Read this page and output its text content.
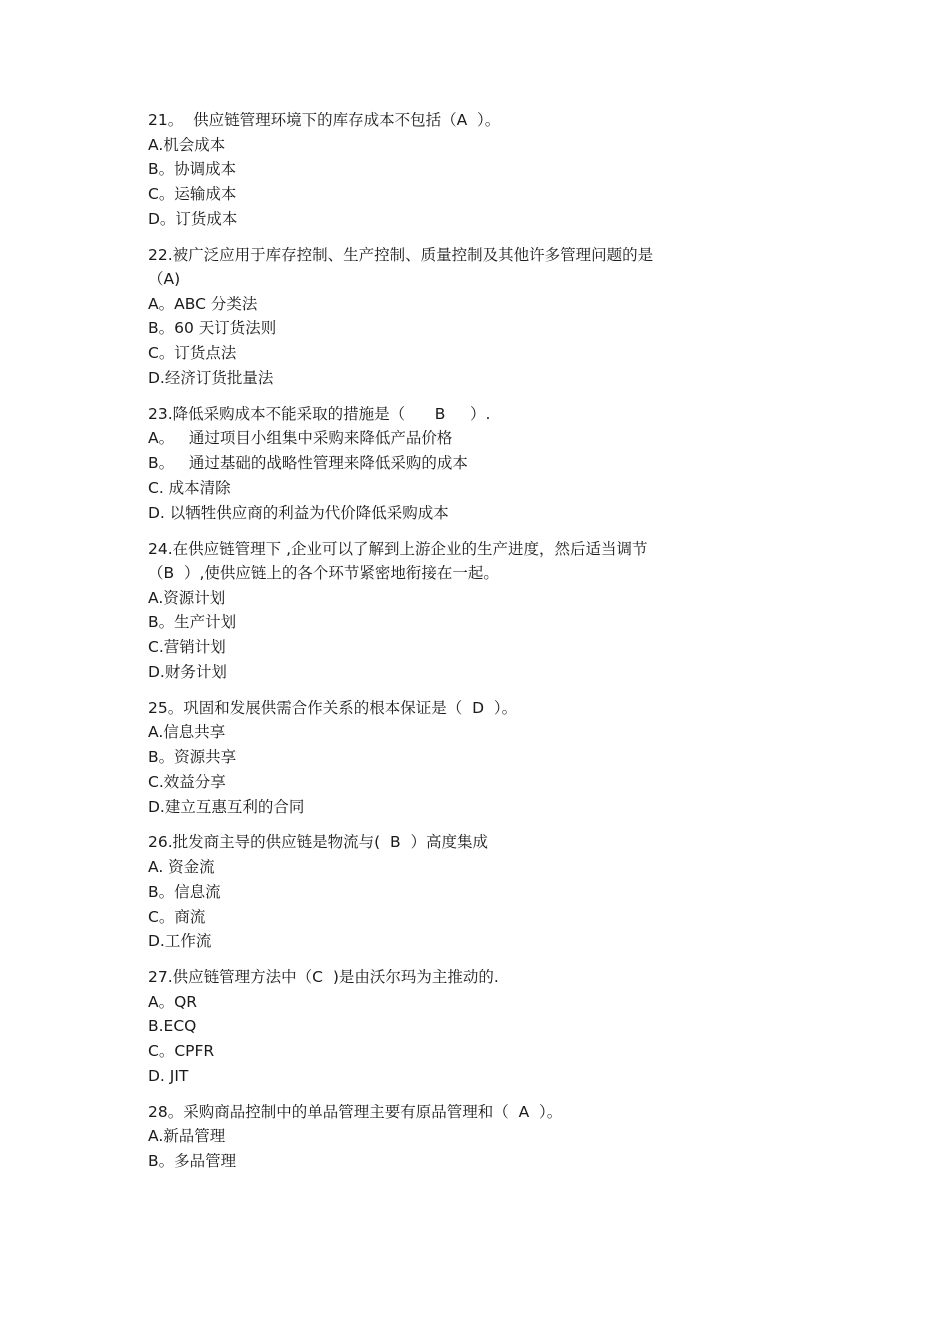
21。  供应链管理环境下的库存成本不包括（A  ）。

A.机会成本

B。协调成本

C。运输成本

D。订货成本

22.被广泛应用于库存控制、生产控制、质量控制及其他许多管理问题的是
（A)

A。ABC 分类法

B。60 天订货法则

C。订货点法

D.经济订货批量法

23.降低采购成本不能采取的措施是（      B     ）.

A。   通过项目小组集中采购来降低产品价格

B。   通过基础的战略性管理来降低采购的成本

C. 成本清除

D. 以牺牲供应商的利益为代价降低采购成本

24.在供应链管理下 ,企业可以了解到上游企业的生产进度，然后适当调节
（B  ）,使供应链上的各个环节紧密地衔接在一起。

A.资源计划

B。生产计划

C.营销计划

D.财务计划

25。巩固和发展供需合作关系的根本保证是（  D  ）。

A.信息共享

B。资源共享

C.效益分享

D.建立互惠互利的合同

26.批发商主导的供应链是物流与(  B  ）高度集成

A. 资金流

B。信息流

C。商流

D.工作流

27.供应链管理方法中（C  )是由沃尔玛为主推动的.

A。QR

B.ECQ

C。CPFR

D. JIT

28。采购商品控制中的单品管理主要有原品管理和（  A  ）。

A.新品管理

B。多品管理
